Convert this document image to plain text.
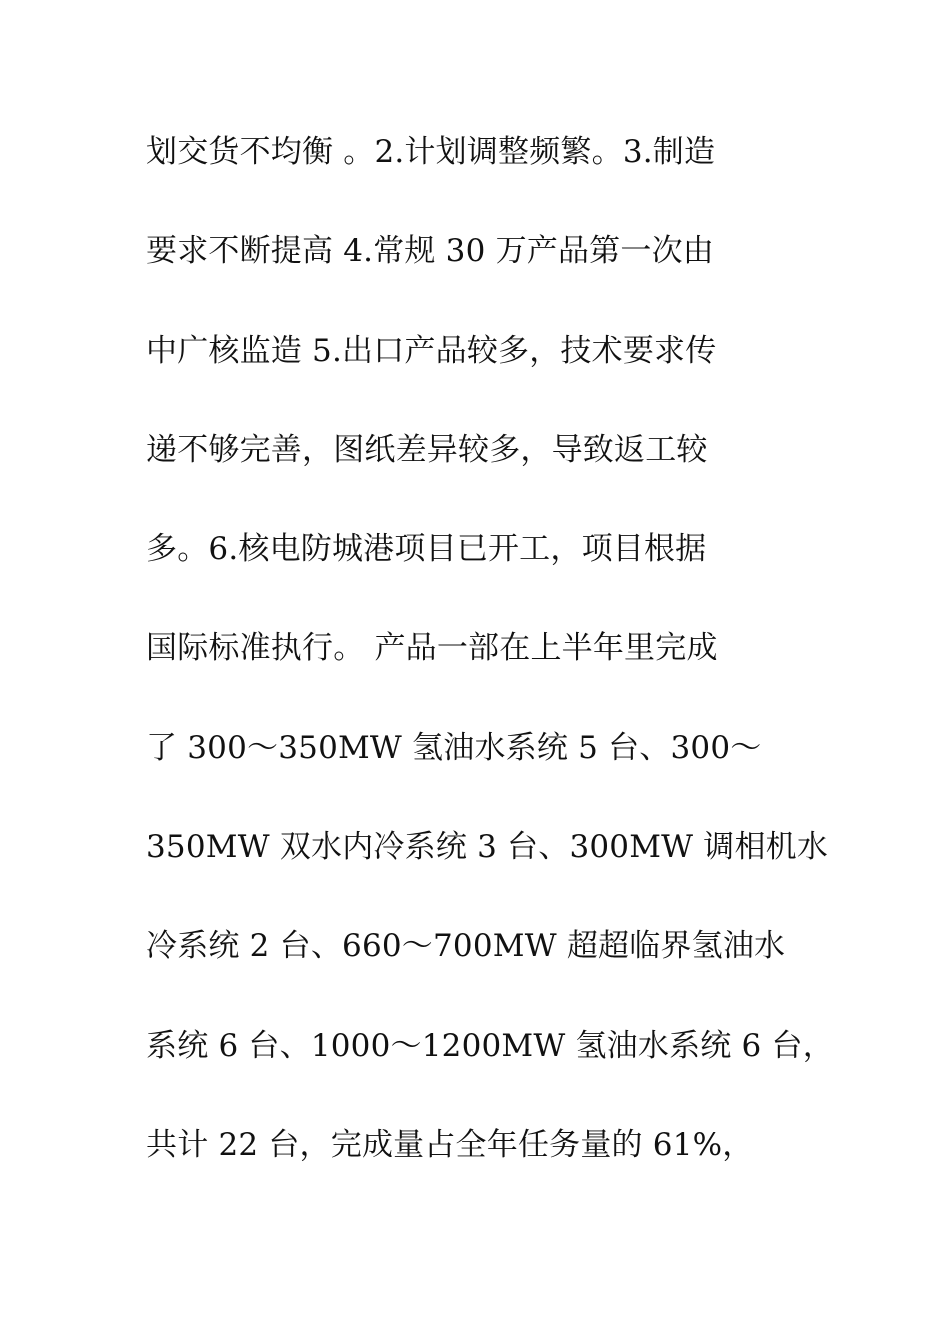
划交货不均衡 。2.计划调整频繁。3.制造
要求不断提高 4.常规 30 万产品第一次由
中广核监造 5.出口产品较多，技术要求传
递不够完善，图纸差异较多，导致返工较
多。6.核电防城港项目已开工，项目根据
国际标准执行。 产品一部在上半年里完成
了 300～350MW 氢油水系统 5 台、300～
350MW 双水内冷系统 3 台、300MW 调相机水
冷系统 2 台、660～700MW 超超临界氢油水
系统 6 台、1000～1200MW 氢油水系统 6 台，
共计 22 台，完成量占全年任务量的 61%，
